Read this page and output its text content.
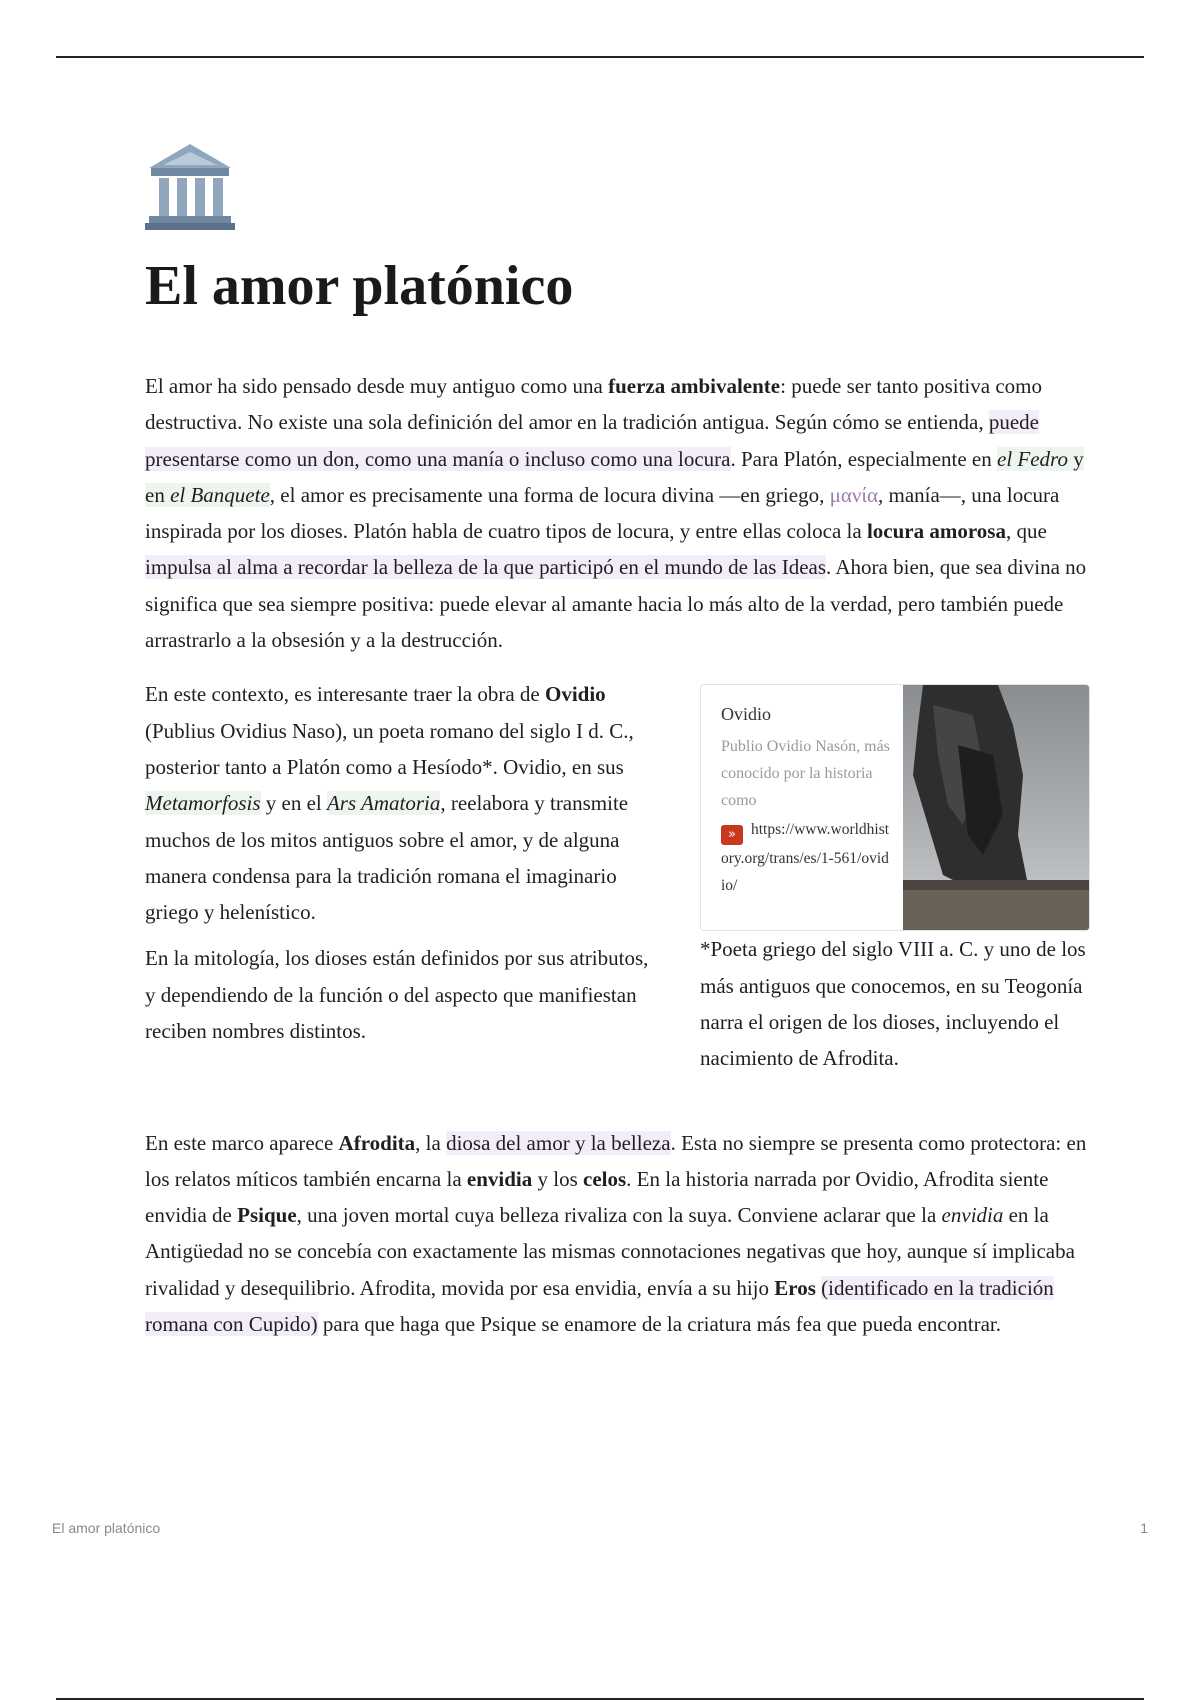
El amor platónico

El amor ha sido pensado desde muy antiguo como una fuerza ambivalente: puede ser tanto positiva como destructiva. No existe una sola definición del amor en la tradición antigua. Según cómo se entienda, puede presentarse como un don, como una manía o incluso como una locura. Para Platón, especialmente en el Fedro y en el Banquete, el amor es precisamente una forma de locura divina —en griego, μανία, manía—, una locura inspirada por los dioses. Platón habla de cuatro tipos de locura, y entre ellas coloca la locura amorosa, que impulsa al alma a recordar la belleza de la que participó en el mundo de las Ideas. Ahora bien, que sea divina no significa que sea siempre positiva: puede elevar al amante hacia lo más alto de la verdad, pero también puede arrastrarlo a la obsesión y a la destrucción.

En este contexto, es interesante traer la obra de Ovidio (Publius Ovidius Naso), un poeta romano del siglo I d. C., posterior tanto a Platón como a Hesíodo*. Ovidio, en sus Metamorfosis y en el Ars Amatoria, reelabora y transmite muchos de los mitos antiguos sobre el amor, y de alguna manera condensa para la tradición romana el imaginario griego y helenístico.

En la mitología, los dioses están definidos por sus atributos, y dependiendo de la función o del aspecto que manifiestan reciben nombres distintos.

Ovidio
Publio Ovidio Nasón, más conocido por la historia como
» https://www.worldhistory.org/trans/es/1-561/ovidio/

*Poeta griego del siglo VIII a. C. y uno de los más antiguos que conocemos, en su Teogonía narra el origen de los dioses, incluyendo el nacimiento de Afrodita.

En este marco aparece Afrodita, la diosa del amor y la belleza. Esta no siempre se presenta como protectora: en los relatos míticos también encarna la envidia y los celos. En la historia narrada por Ovidio, Afrodita siente envidia de Psique, una joven mortal cuya belleza rivaliza con la suya. Conviene aclarar que la envidia en la Antigüedad no se concebía con exactamente las mismas connotaciones negativas que hoy, aunque sí implicaba rivalidad y desequilibrio. Afrodita, movida por esa envidia, envía a su hijo Eros (identificado en la tradición romana con Cupido) para que haga que Psique se enamore de la criatura más fea que pueda encontrar.

El amor platónico	1
